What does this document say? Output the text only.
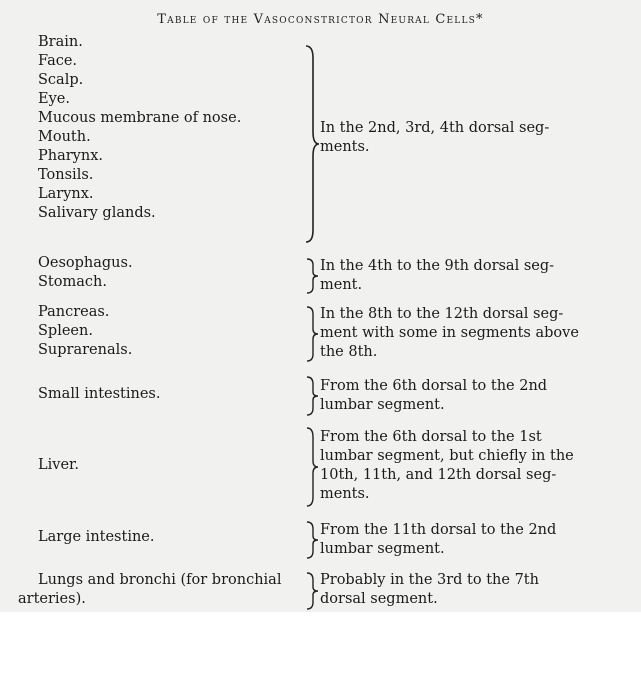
Table of the Vasoconstrictor Neural Cells*
Brain.
Face.
Scalp.
Eye.
Mucous membrane of nose.
Mouth.
Pharynx.
Tonsils.
Larynx.
Salivary glands.
In the 2nd, 3rd, 4th dorsal seg-
ments.
Oesophagus.
Stomach.
In the 4th to the 9th dorsal seg-
ment.
Pancreas.
Spleen.
Suprarenals.
In the 8th to the 12th dorsal seg-
ment with some in segments above
the 8th.
Small intestines.	From the 6th dorsal to the 2nd
lumbar segment.
Liver.
From the 6th dorsal to the 1st
lumbar segment, but chiefly in the
10th, 11th, and 12th dorsal seg-
ments.
Large intestine.	From the 11th dorsal to the 2nd
lumbar segment.
Lungs and bronchi (for bronchial
arteries).
Probably in the 3rd to the 7th
dorsal segment.
